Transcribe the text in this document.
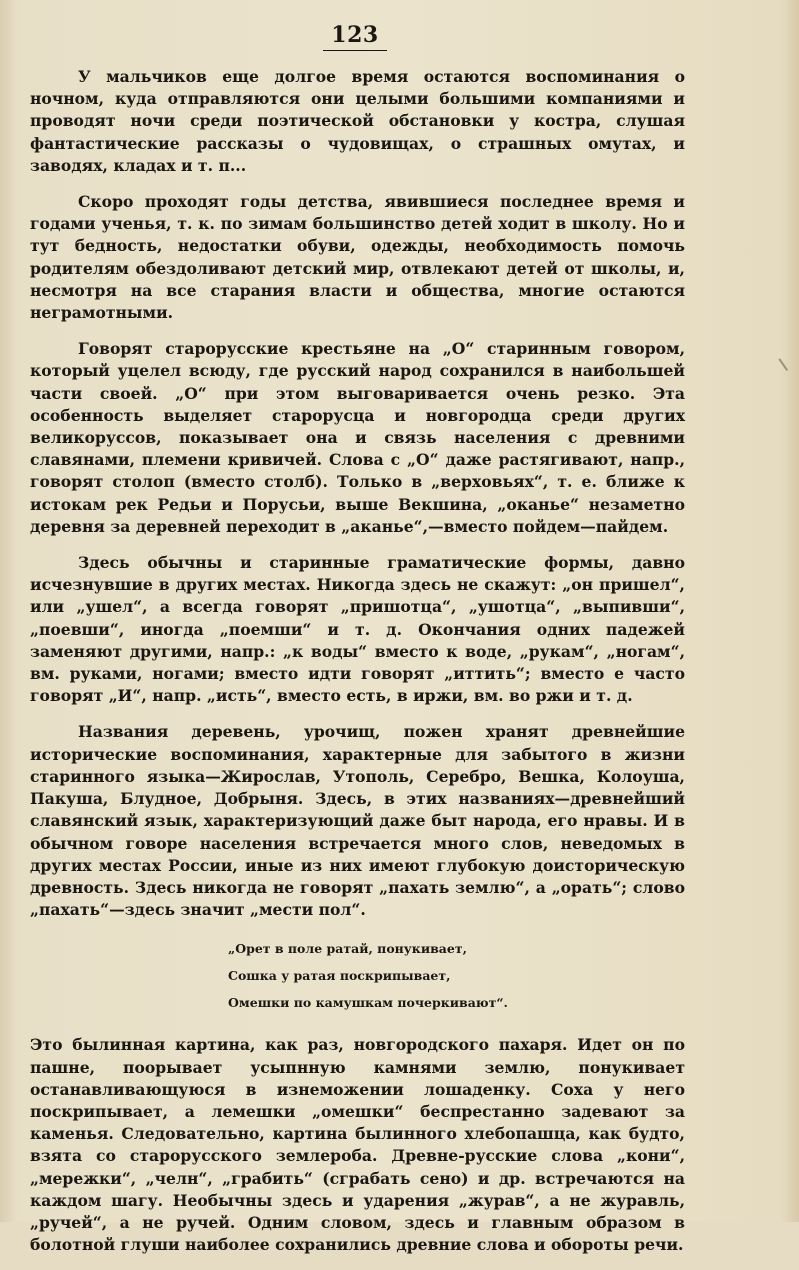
123

У мальчиков еще долгое время остаются воспоминания о ночном, куда отправляются они целыми большими компаниями и проводят ночи среди поэтической обстановки у костра, слушая фантастические рассказы о чудовищах, о страшных омутах, и заводях, кладах и т. п...

Скоро проходят годы детства, явившиеся последнее время и годами ученья, т. к. по зимам большинство детей ходит в школу. Но и тут бедность, недостатки обуви, одежды, необходимость помочь родителям обездоливают детский мир, отвлекают детей от школы, и, несмотря на все старания власти и общества, многие остаются неграмотными.

Говорят старорусские крестьяне на „О“ старинным говором, который уцелел всюду, где русский народ сохранился в наибольшей части своей. „О“ при этом выговаривается очень резко. Эта особенность выделяет старорусца и новгородца среди других великоруссов, показывает она и связь населения с древними славянами, племени кривичей. Слова с „О“ даже растягивают, напр., говорят столоп (вместо столб). Только в „верховьях“, т. е. ближе к истокам рек Редьи и Порусьи, выше Векшина, „оканье“ незаметно деревня за деревней переходит в „аканье“,—вместо пойдем—пайдем.

Здесь обычны и старинные граматические формы, давно исчезнувшие в других местах. Никогда здесь не скажут: „он пришел“, или „ушел“, а всегда говорят „пришотца“, „ушотца“, „выпивши“, „поевши“, иногда „поемши“ и т. д. Окончания одних падежей заменяют другими, напр.: „к воды“ вместо к воде, „рукам“, „ногам“, вм. руками, ногами; вместо идти говорят „иттить“; вместо е часто говорят „И“, напр. „исть“, вместо есть, в иржи, вм. во ржи и т. д.

Названия деревень, урочищ, пожен хранят древнейшие исторические воспоминания, характерные для забытого в жизни старинного языка—Жирослав, Утополь, Серебро, Вешка, Колоуша, Пакуша, Блудное, Добрыня. Здесь, в этих названиях—древнейший славянский язык, характеризующий даже быт народа, его нравы. И в обычном говоре населения встречается много слов, неведомых в других местах России, иные из них имеют глубокую доисторическую древность. Здесь никогда не говорят „пахать землю“, а „орать“; слово „пахать“—здесь значит „мести пол“.

„Орет в поле ратай, понукивает,
Сошка у ратая поскрипывает,
Омешки по камушкам почеркивают“.

Это былинная картина, как раз, новгородского пахаря. Идет он по пашне, поорывает усыпнную камнями землю, понукивает останавливающуюся в изнеможении лошаденку. Соха у него поскрипывает, а лемешки „омешки“ беспрестанно задевают за каменья. Следовательно, картина былинного хлебопашца, как будто, взята со старорусского землероба. Древне-русские слова „кони“, „мережки“, „челн“, „грабить“ (сграбать сено) и др. встречаются на каждом шагу. Необычны здесь и ударения „журав“, а не журавль, „ручей“, а не ручей. Одним словом, здесь и главным образом в болотной глуши наиболее сохранились древние слова и обороты речи.
